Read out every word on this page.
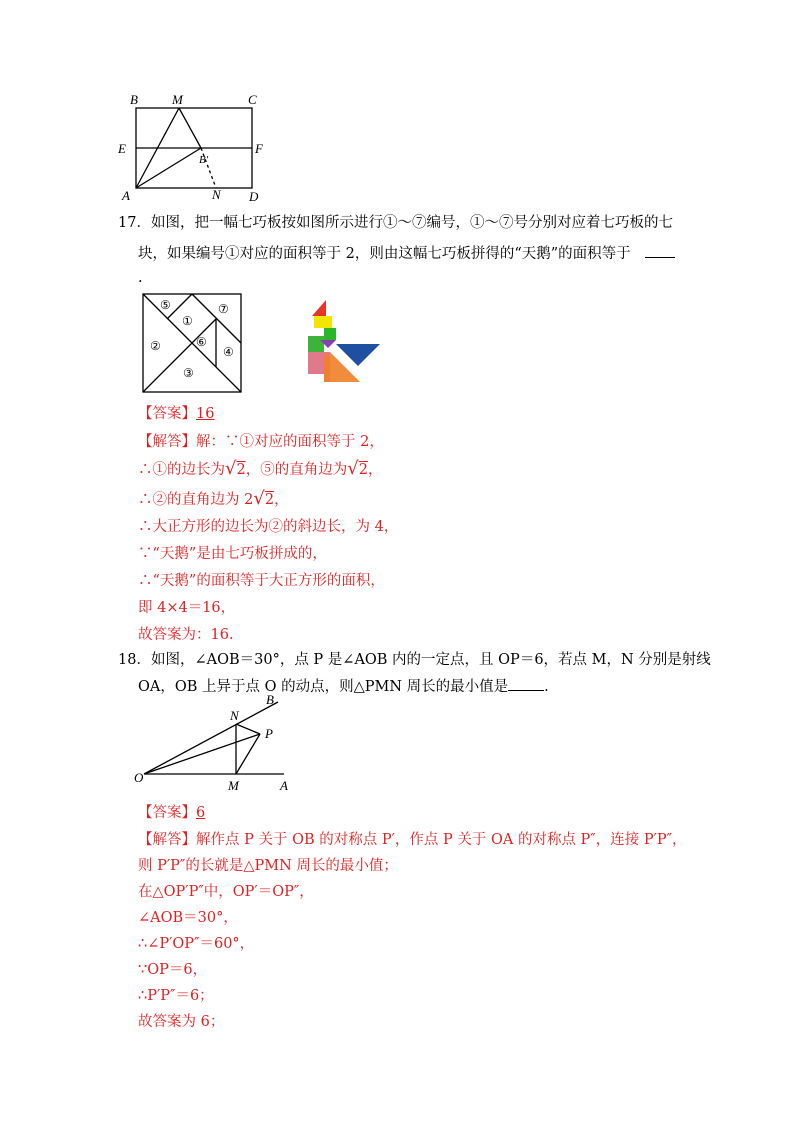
B	M	C
E
B′
F
A	N D
17．如图，把一幅七巧板按如图所示进行①～⑦编号，①～⑦号分别对应着七巧板的七
块，如果编号①对应的面积等于 2，则由这幅七巧板拼得的“天鹅”的面积等于
.
⑤	⑦
①
⑥
②	④
③
【答案】16
【解答】解：∵①对应的面积等于 2，
∴①的边长为√2，⑤的直角边为√2，
∴②的直角边为 2√2，
∴大正方形的边长为②的斜边长，为 4，
∵“天鹅”是由七巧板拼成的，
∴“天鹅”的面积等于大正方形的面积，
即 4×4＝16，
故答案为：16.
18．如图，∠AOB＝30°，点 P 是∠AOB 内的一定点，且 OP＝6，若点 M，N 分别是射线
OA，OB 上异于点 O 的动点，则△PMN 周长的最小值是 .
N
B
P
O
M	A
【答案】6
【解答】解作点 P 关于 OB 的对称点 P′，作点 P 关于 OA 的对称点 P″，连接 P′P″，
则 P′P″的长就是△PMN 周长的最小值；
在△OP′P″中，OP′＝OP″，
∠AOB＝30°，
∴∠P′OP″＝60°，
∵OP＝6，
∴P′P″＝6；
故答案为 6；
